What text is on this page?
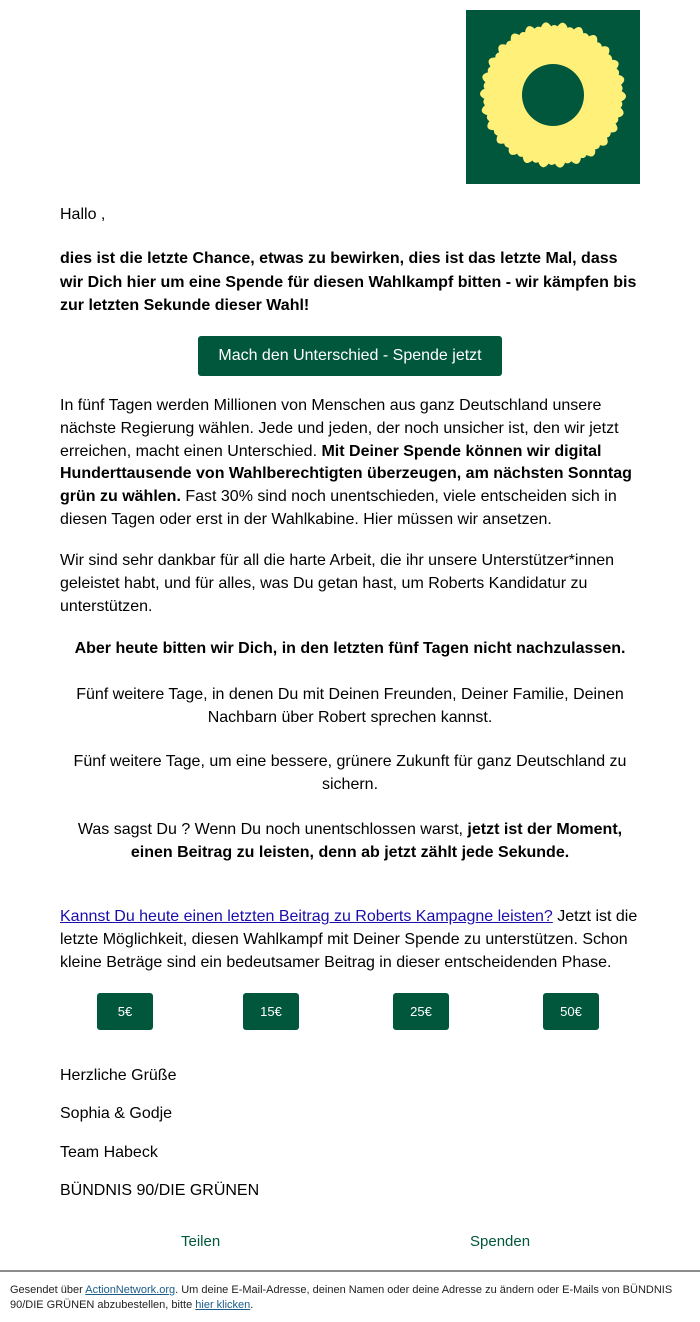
Hallo ,
dies ist die letzte Chance, etwas zu bewirken, dies ist das letzte Mal, dass wir Dich hier um eine Spende für diesen Wahlkampf bitten - wir kämpfen bis zur letzten Sekunde dieser Wahl!
Mach den Unterschied - Spende jetzt
In fünf Tagen werden Millionen von Menschen aus ganz Deutschland unsere nächste Regierung wählen. Jede und jeden, der noch unsicher ist, den wir jetzt erreichen, macht einen Unterschied. Mit Deiner Spende können wir digital Hunderttausende von Wahlberechtigten überzeugen, am nächsten Sonntag grün zu wählen. Fast 30% sind noch unentschieden, viele entscheiden sich in diesen Tagen oder erst in der Wahlkabine. Hier müssen wir ansetzen.
Wir sind sehr dankbar für all die harte Arbeit, die ihr unsere Unterstützer*innen geleistet habt, und für alles, was Du getan hast, um Roberts Kandidatur zu unterstützen.
Aber heute bitten wir Dich, in den letzten fünf Tagen nicht nachzulassen.
Fünf weitere Tage, in denen Du mit Deinen Freunden, Deiner Familie, Deinen Nachbarn über Robert sprechen kannst.
Fünf weitere Tage, um eine bessere, grünere Zukunft für ganz Deutschland zu sichern.
Was sagst Du ? Wenn Du noch unentschlossen warst, jetzt ist der Moment, einen Beitrag zu leisten, denn ab jetzt zählt jede Sekunde.
Kannst Du heute einen letzten Beitrag zu Roberts Kampagne leisten? Jetzt ist die letzte Möglichkeit, diesen Wahlkampf mit Deiner Spende zu unterstützen. Schon kleine Beträge sind ein bedeutsamer Beitrag in dieser entscheidenden Phase.
5€	15€	25€	50€
Herzliche Grüße
Sophia & Godje
Team Habeck
BÜNDNIS 90/DIE GRÜNEN
Teilen	Spenden
Gesendet über ActionNetwork.org. Um deine E-Mail-Adresse, deinen Namen oder deine Adresse zu ändern oder E-Mails von BÜNDNIS 90/DIE GRÜNEN abzubestellen, bitte hier klicken.
